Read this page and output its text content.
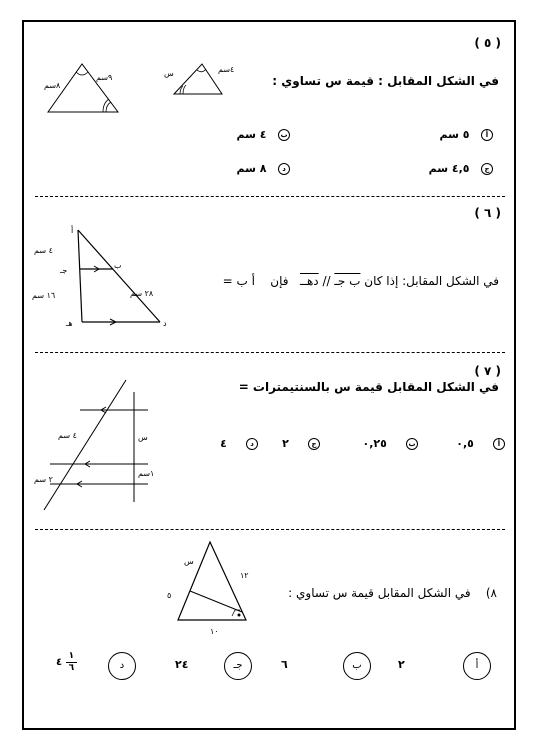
( ٥ )
في الشكل المقابل : قيمة س تساوي :
٨سم
٩سم	س	٤سم
أ   ٥ سم
ب   ٤ سم
ج   ٤,٥ سم
د   ٨ سم
( ٦ )
في الشكل المقابل: إذا كان ب جـ // دهــ   فإن    أ ب =
أ
ب
جـ
هـ	د
٤ سم
١٦ سم	٢٨ سم
( ٧ )
في الشكل المقابل قيمة س بالسنتيمترات =
س
٤ سم
١سم
٢ سم
أ     ٠,٥
ب     ٠,٢٥
ج     ٢
د     ٤
٨)    في الشكل المقابل قيمة س تساوي :
س
١٢
٥
١٠
أ
٢
ب
٦
جـ
٢٤
د
٤
١
٦
